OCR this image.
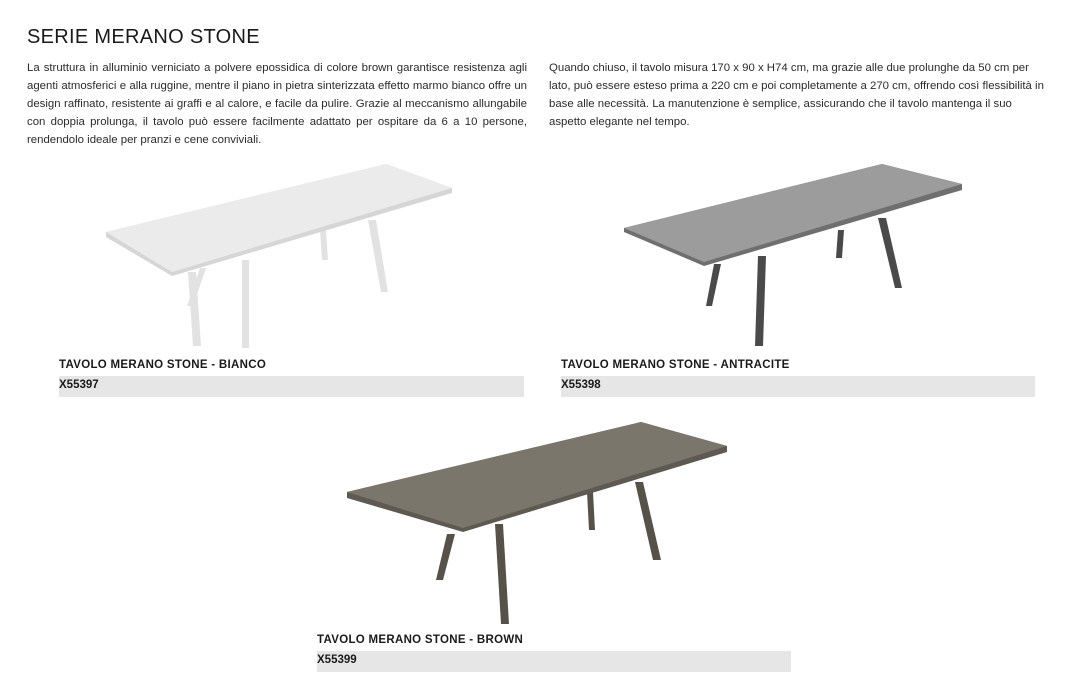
SERIE MERANO STONE

La struttura in alluminio verniciato a polvere epossidica di colore brown garantisce resistenza agli agenti atmosferici e alla ruggine, mentre il piano in pietra sinterizzata effetto marmo bianco offre un design raffinato, resistente ai graffi e al calore, e facile da pulire. Grazie al meccanismo allungabile con doppia prolunga, il tavolo può essere facilmente adattato per ospitare da 6 a 10 persone, rendendolo ideale per pranzi e cene conviviali.

Quando chiuso, il tavolo misura 170 x 90 x H74 cm, ma grazie alle due prolunghe da 50 cm per lato, può essere esteso prima a 220 cm e poi completamente a 270 cm, offrendo così flessibilità in base alle necessità. La manutenzione è semplice, assicurando che il tavolo mantenga il suo aspetto elegante nel tempo.

TAVOLO MERANO STONE - BIANCO
X55397
TAVOLO MERANO STONE - ANTRACITE
X55398
TAVOLO MERANO STONE - BROWN
X55399
